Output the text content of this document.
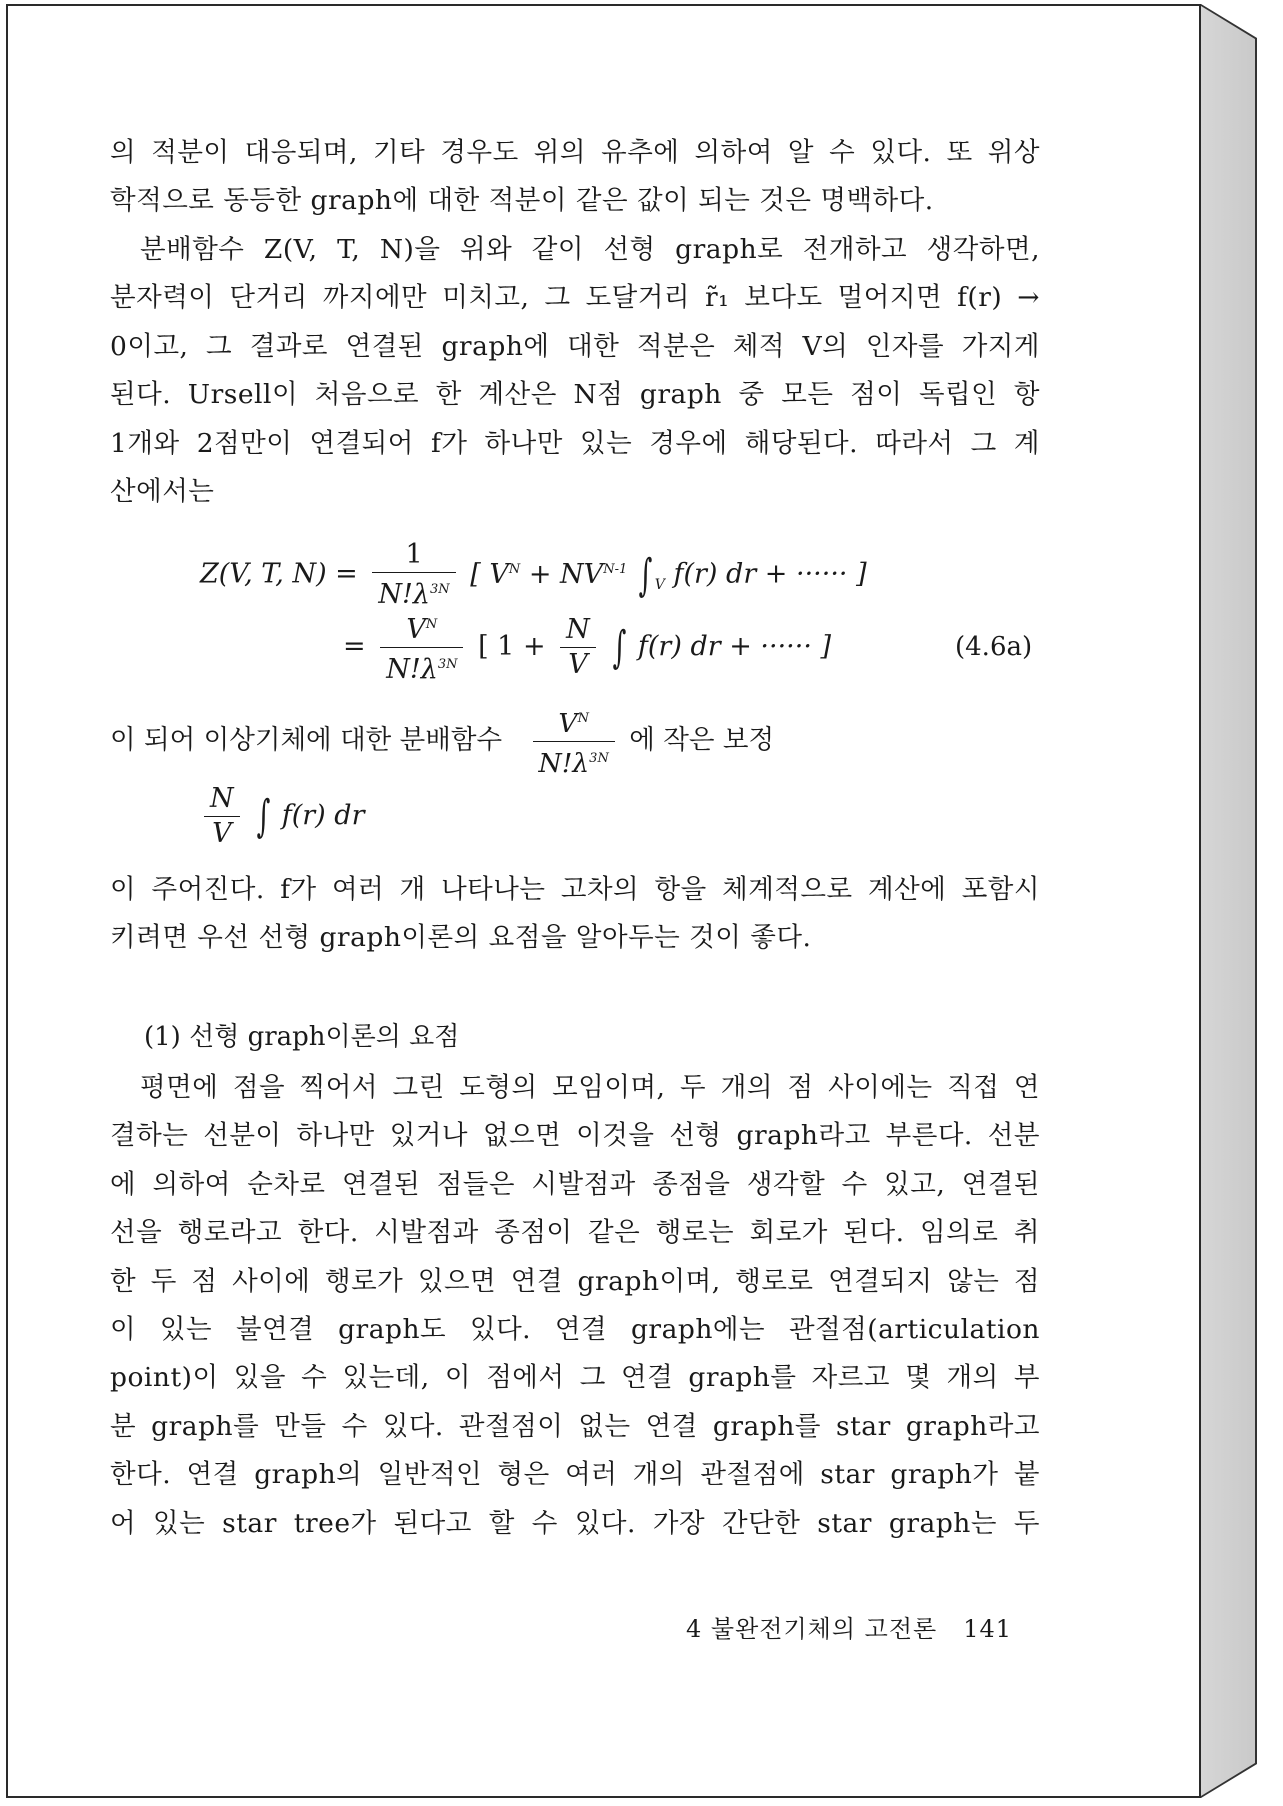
의 적분이 대응되며, 기타 경우도 위의 유추에 의하여 알 수 있다. 또 위상
학적으로 동등한 graph에 대한 적분이 같은 값이 되는 것은 명백하다.
분배함수 Z(V, T, N)을 위와 같이 선형 graph로 전개하고 생각하면,
분자력이 단거리 까지에만 미치고, 그 도달거리 r̃₁ 보다도 멀어지면 f(r) →
0이고, 그 결과로 연결된 graph에 대한 적분은 체적 V의 인자를 가지게
된다. Ursell이 처음으로 한 계산은 N점 graph 중 모든 점이 독립인 항
1개와 2점만이 연결되어 f가 하나만 있는 경우에 해당된다. 따라서 그 계
산에서는
Z(V, T, $N) = \frac{1}{N!\lambda^{3N}}$ [ $V^N + NV^{N-1}$ ∫ $_V$ f(r) dr + ······ ]
= $\frac{V^N}{N!\lambda^{3N}}$ [ $1 + \frac{N}{V}$ ∫ f(r) dr + ······ ]	(4.6a)
이 되어 이상기체에 대한 분배함수 $\frac{V^N}{N!\lambda^{3N}}$ 에 작은 보정
$\frac{N}{V}$ ∫ f(r) dr
이 주어진다. f가 여러 개 나타나는 고차의 항을 체계적으로 계산에 포함시
키려면 우선 선형 graph이론의 요점을 알아두는 것이 좋다.
(1) 선형 graph이론의 요점
평면에 점을 찍어서 그린 도형의 모임이며, 두 개의 점 사이에는 직접 연
결하는 선분이 하나만 있거나 없으면 이것을 선형 graph라고 부른다. 선분
에 의하여 순차로 연결된 점들은 시발점과 종점을 생각할 수 있고, 연결된
선을 행로라고 한다. 시발점과 종점이 같은 행로는 회로가 된다. 임의로 취
한 두 점 사이에 행로가 있으면 연결 graph이며, 행로로 연결되지 않는 점
이 있는 불연결 graph도 있다. 연결 graph에는 관절점(articulation
point)이 있을 수 있는데, 이 점에서 그 연결 graph를 자르고 몇 개의 부
분 graph를 만들 수 있다. 관절점이 없는 연결 graph를 star graph라고
한다. 연결 graph의 일반적인 형은 여러 개의 관절점에 star graph가 붙
어 있는 star tree가 된다고 할 수 있다. 가장 간단한 star graph는 두
4 불완전기체의 고전론 141
